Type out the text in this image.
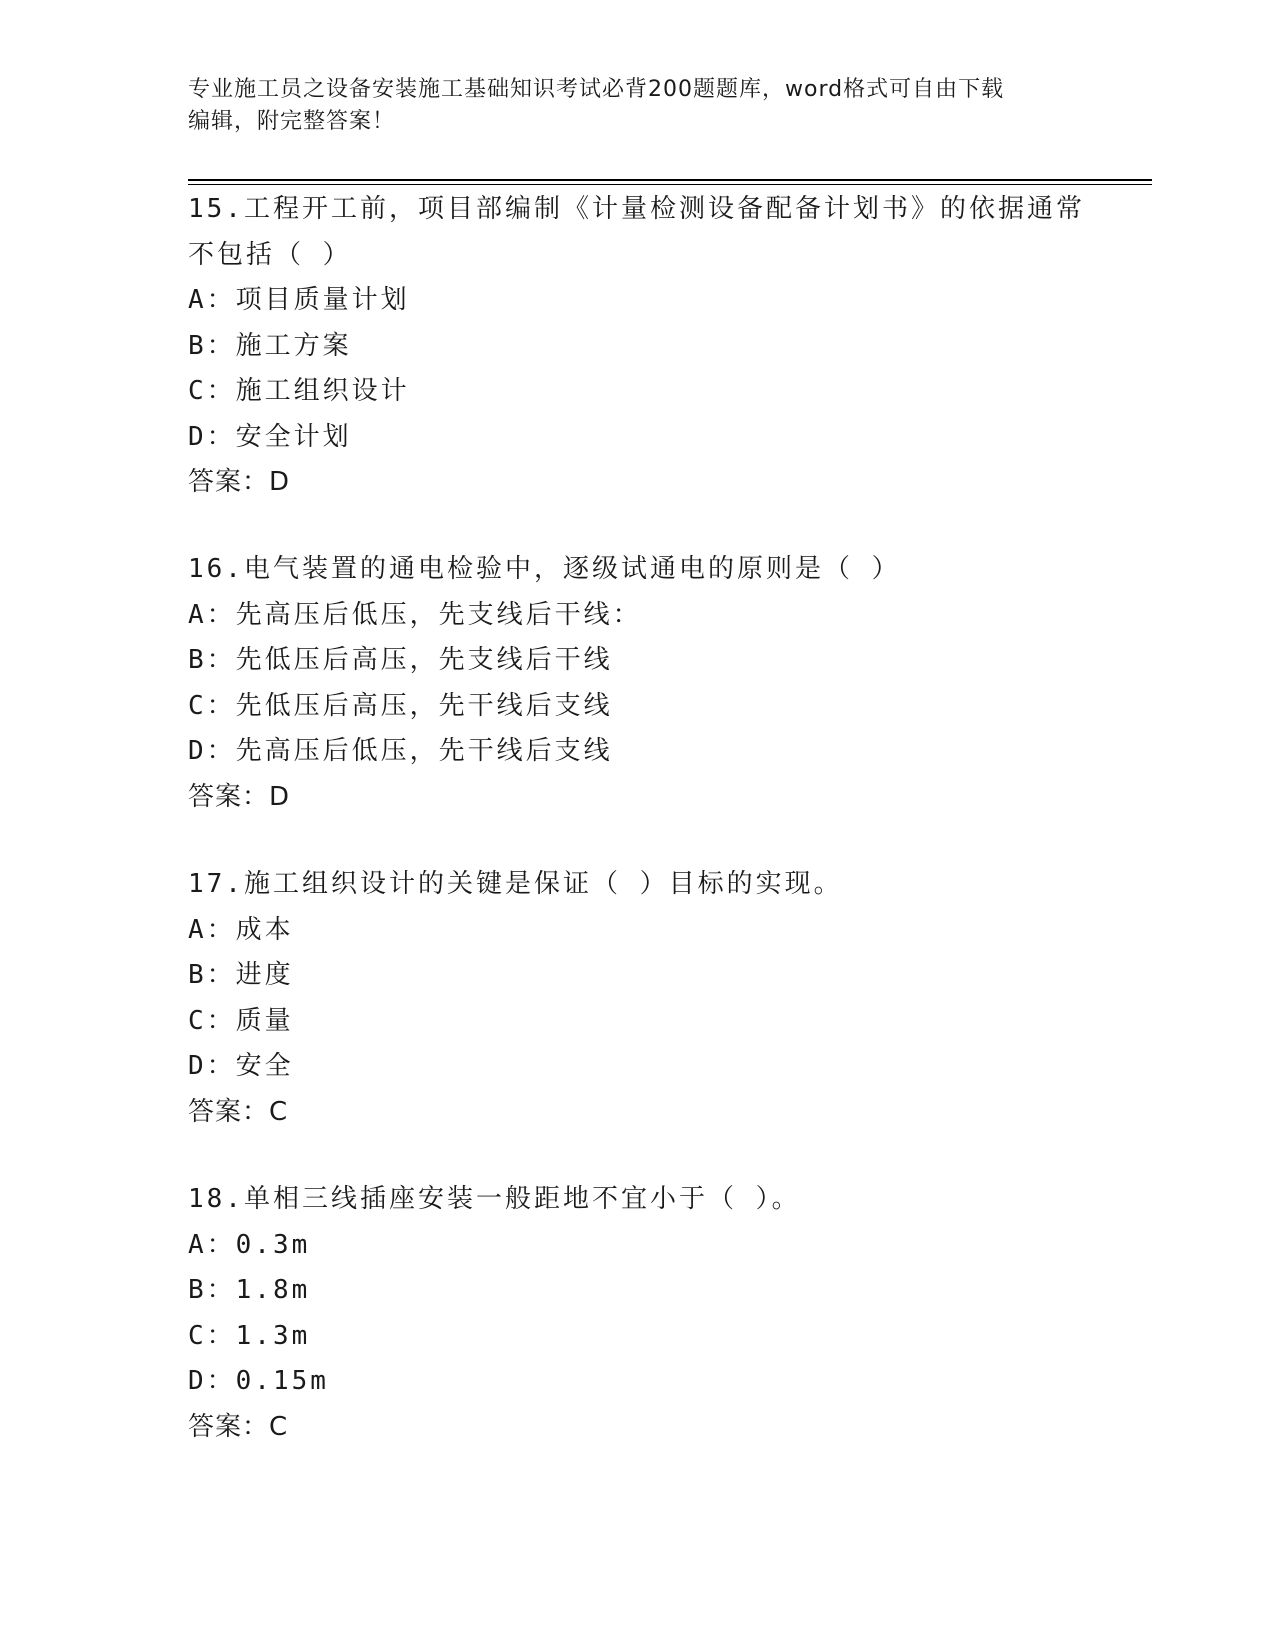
专业施工员之设备安装施工基础知识考试必背200题题库，word格式可自由下载
编辑，附完整答案！
15.工程开工前，项目部编制《计量检测设备配备计划书》的依据通常
不包括（ ）
A：项目质量计划
B：施工方案
C：施工组织设计
D：安全计划
答案：D
16.电气装置的通电检验中，逐级试通电的原则是（ ）
A：先高压后低压，先支线后干线：
B：先低压后高压，先支线后干线
C：先低压后高压，先干线后支线
D：先高压后低压，先干线后支线
答案：D
17.施工组织设计的关键是保证（ ）目标的实现。
A：成本
B：进度
C：质量
D：安全
答案：C
18.单相三线插座安装一般距地不宜小于（ ）。
A：0.3m
B：1.8m
C：1.3m
D：0.15m
答案：C
